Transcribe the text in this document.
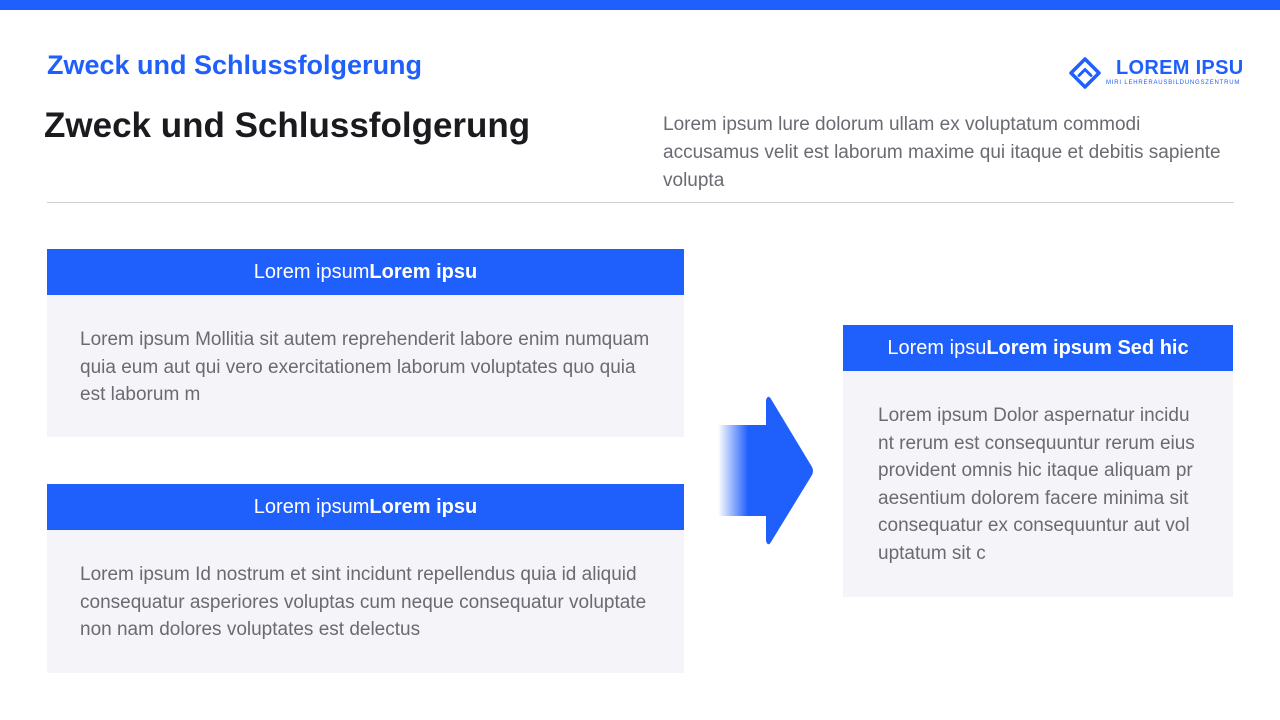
Zweck und Schlussfolgerung
Zweck und Schlussfolgerung	Lorem ipsum lure dolorum ullam ex voluptatum commodi accusamus velit est laborum maxime qui itaque et debitis sapiente volupta
LOREM IPSU
MIRI LEHRERAUSBILDUNGSZENTRUM
Lorem ipsumLorem ipsu
Lorem ipsum Mollitia sit autem reprehenderit labore enim numquam quia eum aut qui vero exercitationem laborum voluptates quo quia est laborum m
Lorem ipsumLorem ipsu
Lorem ipsum Id nostrum et sint incidunt repellendus quia id aliquid consequatur asperiores voluptas cum neque consequatur voluptate non nam dolores voluptates est delectus
Lorem ipsuLorem ipsum Sed hic
Lorem ipsum Dolor aspernatur incidunt rerum est consequuntur rerum eius provident omnis hic itaque aliquam praesentium dolorem facere minima sit consequatur ex consequuntur aut voluptatum sit c
